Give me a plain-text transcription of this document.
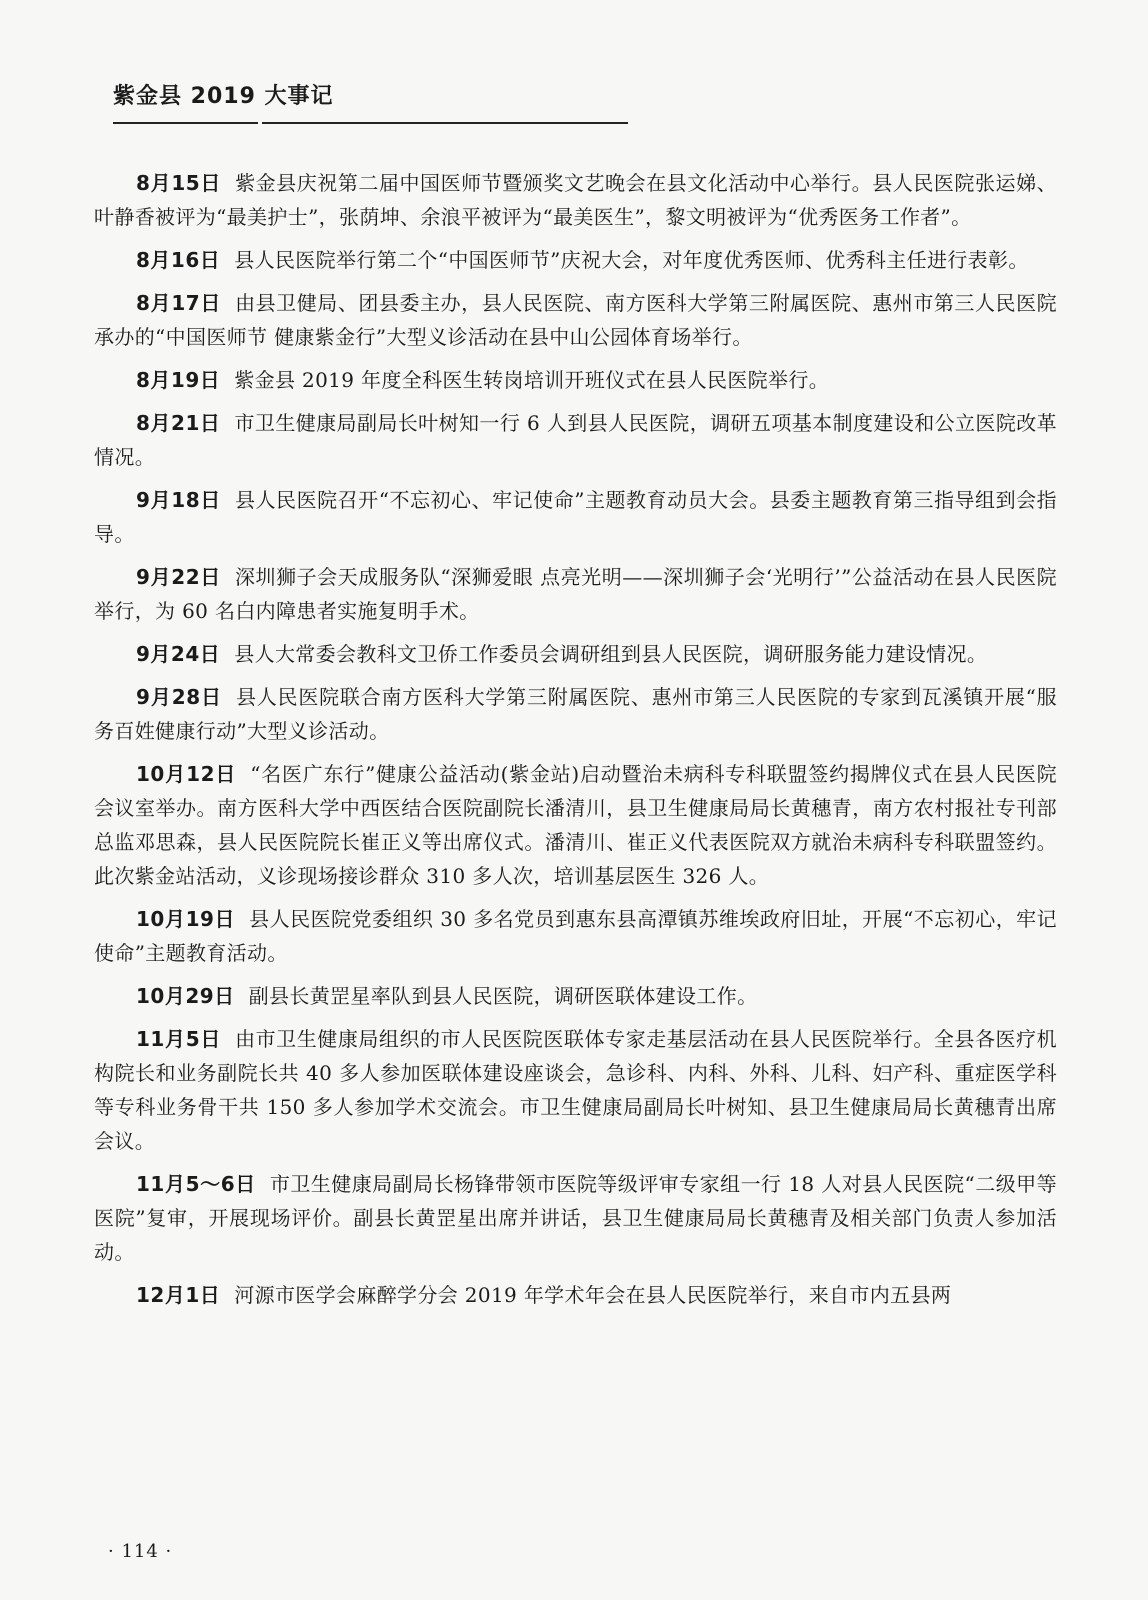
紫金县 2019 大事记

8月15日 紫金县庆祝第二届中国医师节暨颁奖文艺晚会在县文化活动中心举行。县人民医院张运娣、叶静香被评为“最美护士”，张荫坤、余浪平被评为“最美医生”，黎文明被评为“优秀医务工作者”。

8月16日 县人民医院举行第二个“中国医师节”庆祝大会，对年度优秀医师、优秀科主任进行表彰。

8月17日 由县卫健局、团县委主办，县人民医院、南方医科大学第三附属医院、惠州市第三人民医院承办的“中国医师节 健康紫金行”大型义诊活动在县中山公园体育场举行。

8月19日 紫金县 2019 年度全科医生转岗培训开班仪式在县人民医院举行。

8月21日 市卫生健康局副局长叶树知一行 6 人到县人民医院，调研五项基本制度建设和公立医院改革情况。

9月18日 县人民医院召开“不忘初心、牢记使命”主题教育动员大会。县委主题教育第三指导组到会指导。

9月22日 深圳狮子会天成服务队“深狮爱眼 点亮光明——深圳狮子会‘光明行’”公益活动在县人民医院举行，为 60 名白内障患者实施复明手术。

9月24日 县人大常委会教科文卫侨工作委员会调研组到县人民医院，调研服务能力建设情况。

9月28日 县人民医院联合南方医科大学第三附属医院、惠州市第三人民医院的专家到瓦溪镇开展“服务百姓健康行动”大型义诊活动。

10月12日 “名医广东行”健康公益活动(紫金站)启动暨治未病科专科联盟签约揭牌仪式在县人民医院会议室举办。南方医科大学中西医结合医院副院长潘清川，县卫生健康局局长黄穗青，南方农村报社专刊部总监邓思森，县人民医院院长崔正义等出席仪式。潘清川、崔正义代表医院双方就治未病科专科联盟签约。此次紫金站活动，义诊现场接诊群众 310 多人次，培训基层医生 326 人。

10月19日 县人民医院党委组织 30 多名党员到惠东县高潭镇苏维埃政府旧址，开展“不忘初心，牢记使命”主题教育活动。

10月29日 副县长黄罡星率队到县人民医院，调研医联体建设工作。

11月5日 由市卫生健康局组织的市人民医院医联体专家走基层活动在县人民医院举行。全县各医疗机构院长和业务副院长共 40 多人参加医联体建设座谈会，急诊科、内科、外科、儿科、妇产科、重症医学科等专科业务骨干共 150 多人参加学术交流会。市卫生健康局副局长叶树知、县卫生健康局局长黄穗青出席会议。

11月5～6日 市卫生健康局副局长杨锋带领市医院等级评审专家组一行 18 人对县人民医院“二级甲等医院”复审，开展现场评价。副县长黄罡星出席并讲话，县卫生健康局局长黄穗青及相关部门负责人参加活动。

12月1日 河源市医学会麻醉学分会 2019 年学术年会在县人民医院举行，来自市内五县两

· 114 ·
